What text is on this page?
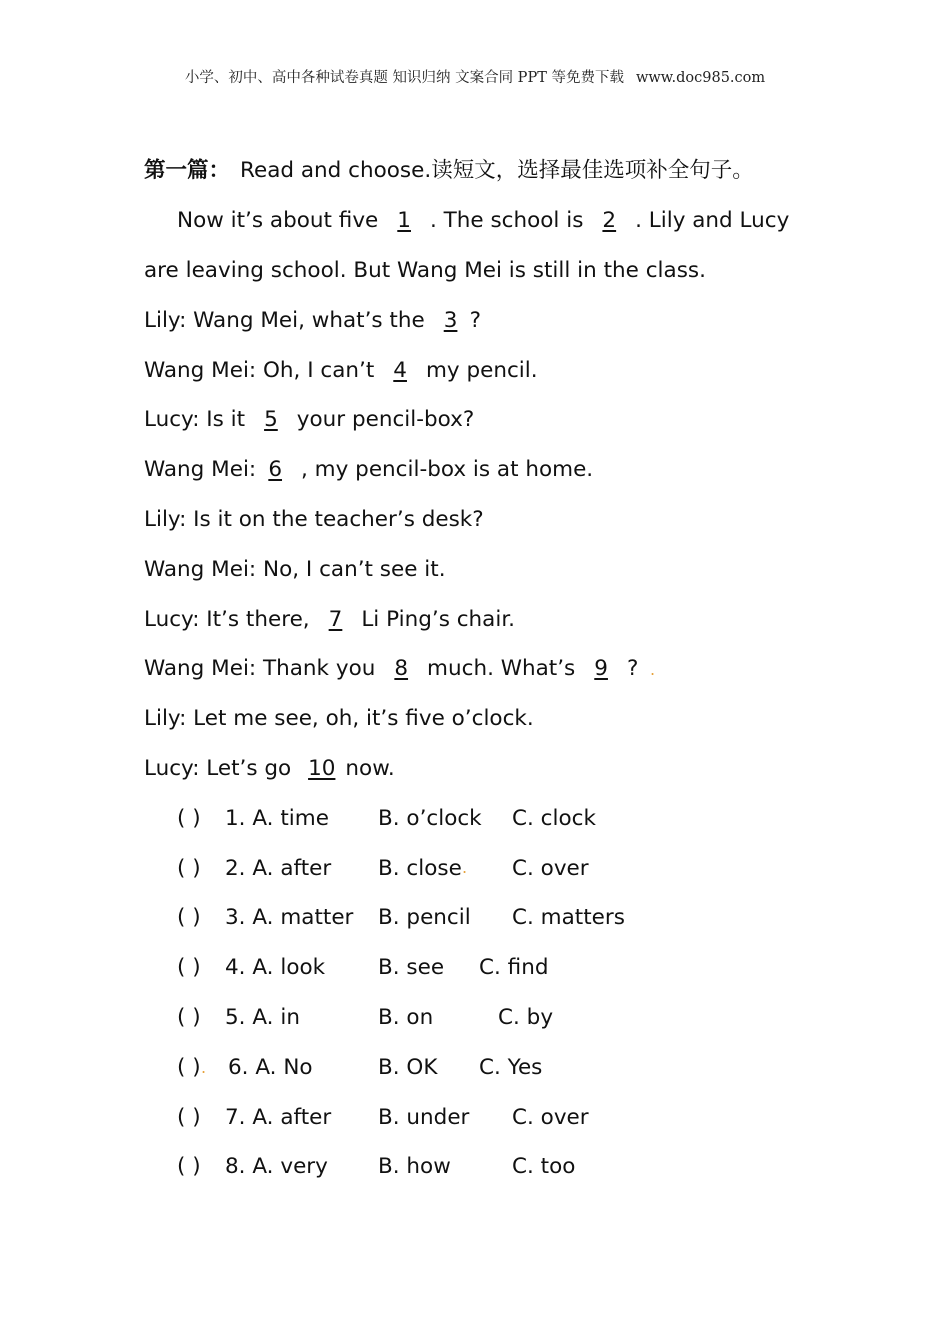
小学、初中、高中各种试卷真题 知识归纳 文案合同 PPT 等免费下载 www.doc985.com
第一篇： Read and choose.读短文，选择最佳选项补全句子。
Now it’s about five 1 . The school is 2 . Lily and Lucy
are leaving school. But Wang Mei is still in the class.
Lily: Wang Mei, what’s the 3 ?
Wang Mei: Oh, I can’t 4 my pencil.
Lucy: Is it 5 your pencil-box?
Wang Mei: 6 , my pencil-box is at home.
Lily: Is it on the teacher’s desk?
Wang Mei: No, I can’t see it.
Lucy: It’s there, 7 Li Ping’s chair.
Wang Mei: Thank you 8 much. What’s 9 ?
Lily: Let me see, oh, it’s five o’clock.
Lucy: Let’s go 10 now.
( ) 1. A. time B. o’clock C. clock
( ) 2. A. after B. close C. over
( ) 3. A. matter B. pencil C. matters
( ) 4. A. look B. see C. find
( ) 5. A. in	B. on	C. by
( ) 6. A. No	B. OK C. Yes
( ) 7. A. after B. under C. over
( ) 8. A. very B. how	C. too
.
.
.
